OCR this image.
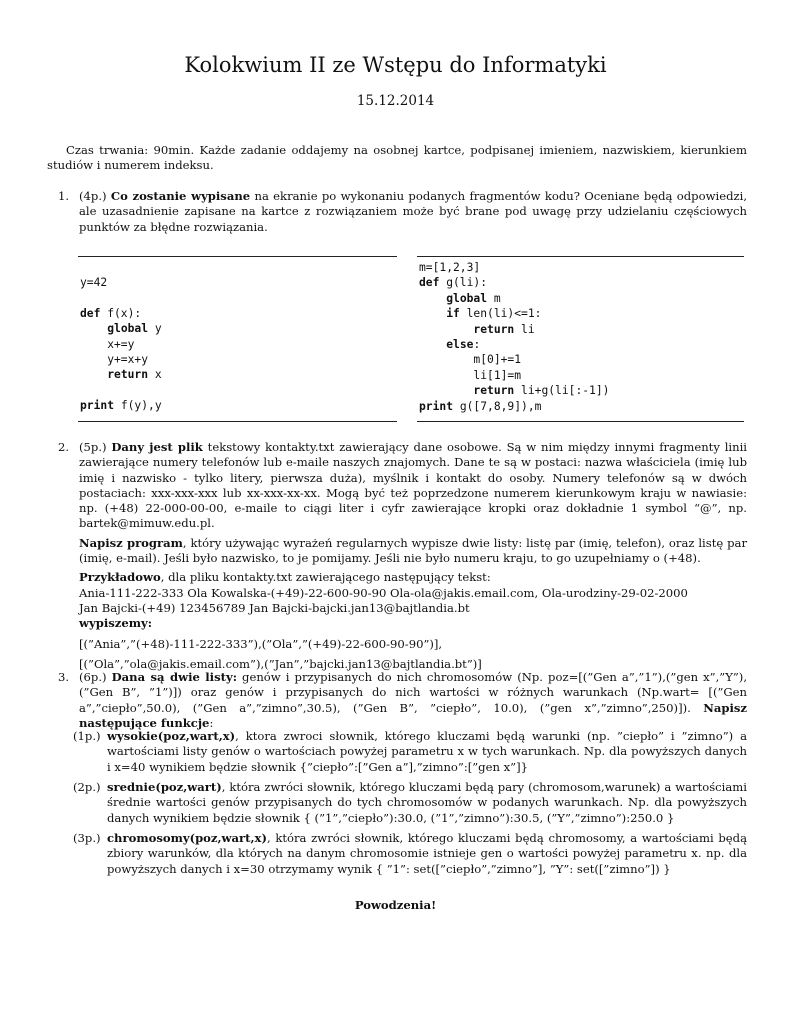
Kolokwium II ze Wstępu do Informatyki
15.12.2014
Czas trwania: 90min. Każde zadanie oddajemy na osobnej kartce, podpisanej imieniem, nazwiskiem, kierunkiem studiów i numerem indeksu.
1. (4p.) Co zostanie wypisane na ekranie po wykonaniu podanych fragmentów kodu? Oceniane będą odpowiedzi, ale uzasadnienie zapisane na kartce z rozwiązaniem może być brane pod uwagę przy udzielaniu częściowych punktów za błędne rozwiązania.
y=42

def f(x):
global y
x+=y
y+=x+y
return x

print f(y),y
m=[1,2,3]
def g(li):
global m
if len(li)<=1:
return li
else:
m[0]+=1
li[1]=m
return li+g(li[:-1])
print g([7,8,9]),m
2. (5p.) Dany jest plik tekstowy kontakty.txt zawierający dane osobowe. Są w nim między innymi fragmenty linii zawierające numery telefonów lub e-maile naszych znajomych. Dane te są w postaci: nazwa właściciela (imię lub imię i nazwisko - tylko litery, pierwsza duża), myślnik i kontakt do osoby. Numery telefonów są w dwóch postaciach: xxx-xxx-xxx lub xx-xxx-xx-xx. Mogą być też poprzedzone numerem kierunkowym kraju w nawiasie: np. (+48) 22-000-00-00, e-maile to ciągi liter i cyfr zawierające kropki oraz dokładnie 1 symbol “@”, np. bartek@mimuw.edu.pl.

Napisz program, który używając wyrażeń regularnych wypisze dwie listy: listę par (imię, telefon), oraz listę par (imię, e-mail). Jeśli było nazwisko, to je pomijamy. Jeśli nie było numeru kraju, to go uzupełniamy o (+48).

Przykładowo, dla pliku kontakty.txt zawierającego następujący tekst:

Ania-111-222-333 Ola Kowalska-(+49)-22-600-90-90 Ola-ola@jakis.email.com, Ola-urodziny-29-02-2000

Jan Bajcki-(+49) 123456789 Jan Bajcki-bajcki.jan13@bajtlandia.bt

wypiszemy:

[(”Ania”,”(+48)-111-222-333”),(”Ola”,”(+49)-22-600-90-90”)],

[(”Ola”,”ola@jakis.email.com”),(”Jan”,”bajcki.jan13@bajtlandia.bt”)]

3. (6p.) Dana są dwie listy: genów i przypisanych do nich chromosomów (Np. poz=[(”Gen a”,”1”),(”gen x”,”Y”), (”Gen B”, ”1”)]) oraz genów i przypisanych do nich wartości w różnych warunkach (Np.wart= [(”Gen a”,”ciepło”,50.0), (”Gen a”,”zimno”,30.5), (”Gen B”, ”ciepło”, 10.0), (”gen x”,”zimno”,250)]). Napisz następujące funkcje:
(1p.) wysokie(poz,wart,x), ktora zwroci słownik, którego kluczami będą warunki (np. ”ciepło” i ”zimno”) a wartościami listy genów o wartościach powyżej parametru x w tych warunkach. Np. dla powyższych danych i x=40 wynikiem będzie słownik {”ciepło”:[”Gen a”],”zimno”:[”gen x”]}
(2p.) srednie(poz,wart), która zwróci słownik, którego kluczami będą pary (chromosom,warunek) a wartościami średnie wartości genów przypisanych do tych chromosomów w podanych warunkach. Np. dla powyższych danych wynikiem będzie słownik { (”1”,”ciepło”):30.0, (”1”,”zimno”):30.5, (”Y”,”zimno”):250.0 }
(3p.) chromosomy(poz,wart,x), która zwróci słownik, którego kluczami będą chromosomy, a wartościami będą zbiory warunków, dla których na danym chromosomie istnieje gen o wartości powyżej parametru x. np. dla powyższych danych i x=30 otrzymamy wynik { ”1”: set([”ciepło”,”zimno”], ”Y”: set([”zimno”]) }
Powodzenia!
